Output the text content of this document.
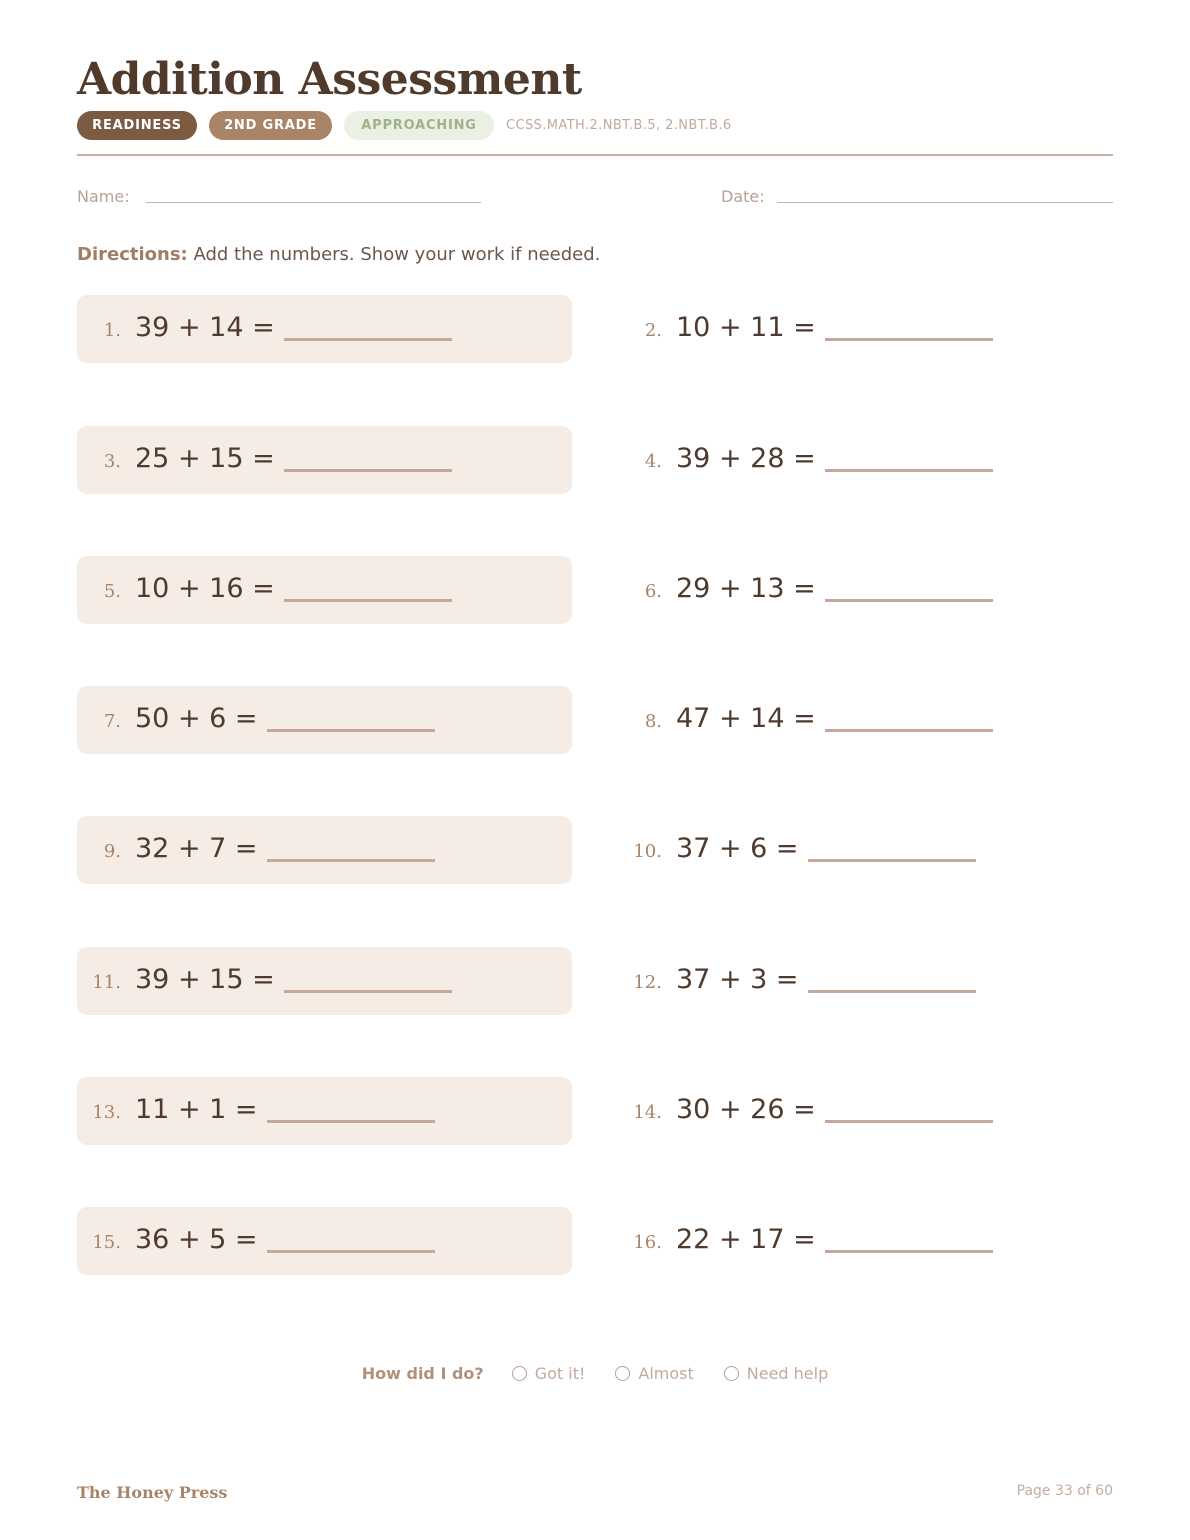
Addition Assessment
READINESS	2ND GRADE	APPROACHING	CCSS.MATH.2.NBT.B.5, 2.NBT.B.6
Name:	Date:
Directions: Add the numbers. Show your work if needed.
1. 39 + 14 =	2. 10 + 11 =
3. 25 + 15 =	4. 39 + 28 =
5. 10 + 16 =	6. 29 + 13 =
7. 50 + 6 =	8. 47 + 14 =
9. 32 + 7 =	10. 37 + 6 =
11. 39 + 15 =	12. 37 + 3 =
13. 11 + 1 =	14. 30 + 26 =
15. 36 + 5 =	16. 22 + 17 =
How did I do?	Got it!	Almost	Need help
The Honey Press	Page 33 of 60
